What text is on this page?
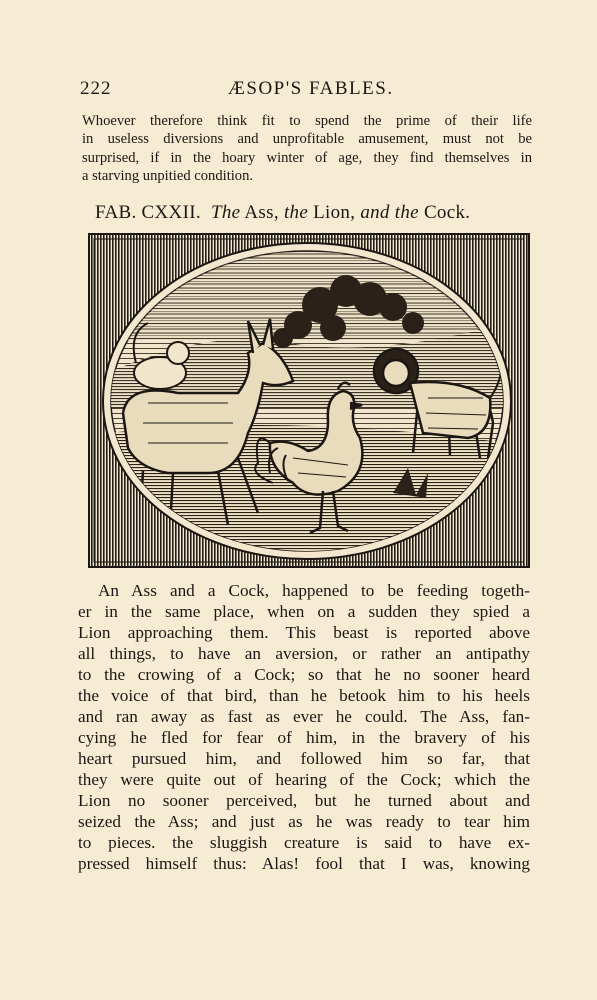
222	ÆSOP'S FABLES.
Whoever therefore think fit to spend the prime of their life
in useless diversions and unprofitable amusement, must not be
surprised, if in the hoary winter of age, they find themselves in
a starving unpitied condition.
FAB. CXXII. The Ass, the Lion, and the Cock.
An Ass and a Cock, happened to be feeding togeth-
er in the same place, when on a sudden they spied a
Lion approaching them. This beast is reported above
all things, to have an aversion, or rather an antipathy
to the crowing of a Cock; so that he no sooner heard
the voice of that bird, than he betook him to his heels
and ran away as fast as ever he could. The Ass, fan-
cying he fled for fear of him, in the bravery of his
heart pursued him, and followed him so far, that
they were quite out of hearing of the Cock; which the
Lion no sooner perceived, but he turned about and
seized the Ass; and just as he was ready to tear him
to pieces. the sluggish creature is said to have ex-
pressed himself thus: Alas! fool that I was, knowing
